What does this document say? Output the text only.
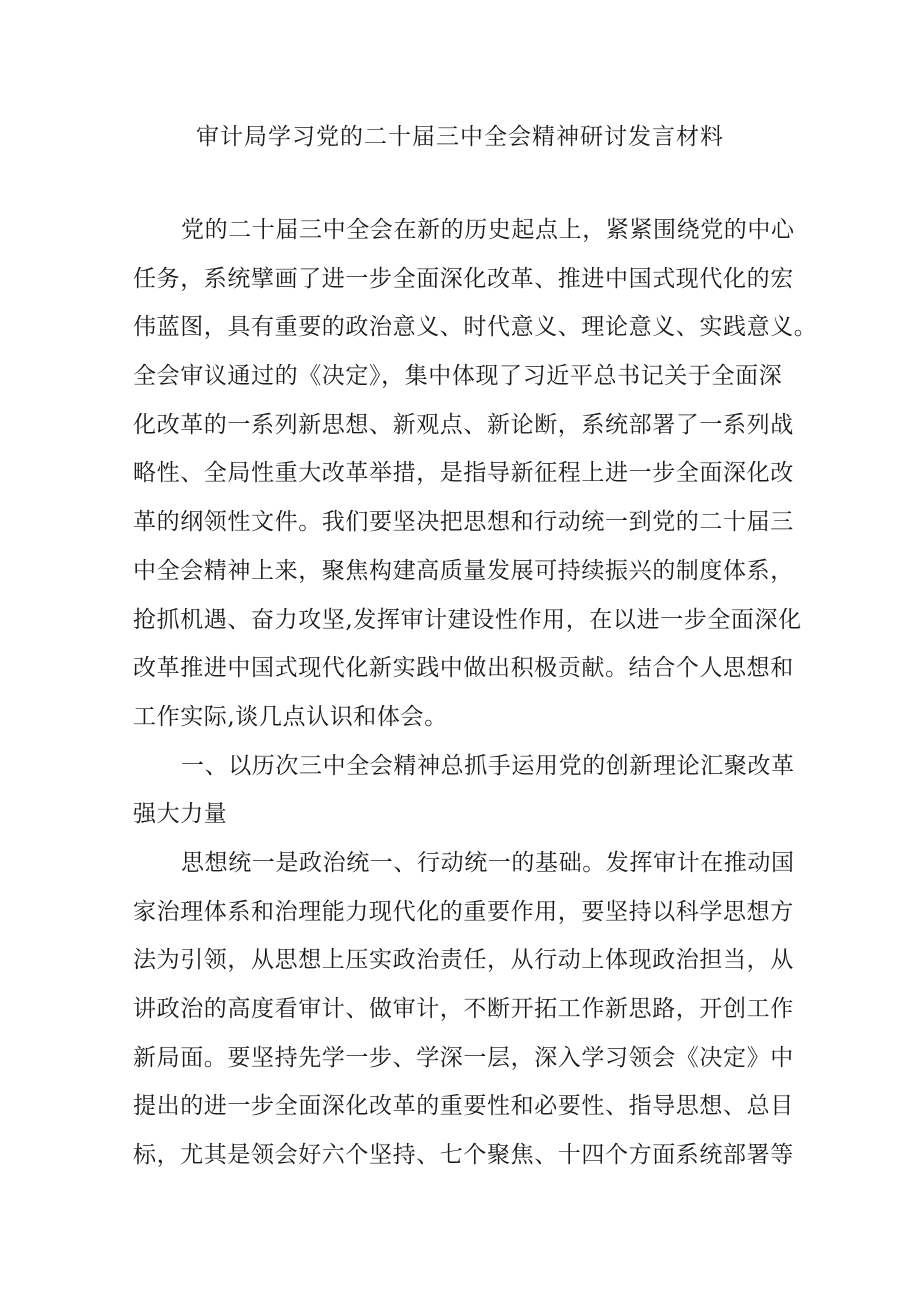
审计局学习党的二十届三中全会精神研讨发言材料
党的二十届三中全会在新的历史起点上，紧紧围绕党的中心
任务，系统擘画了进一步全面深化改革、推进中国式现代化的宏
伟蓝图，具有重要的政治意义、时代意义、理论意义、实践意义。
全会审议通过的《决定》，集中体现了习近平总书记关于全面深
化改革的一系列新思想、新观点、新论断，系统部署了一系列战
略性、全局性重大改革举措，是指导新征程上进一步全面深化改
革的纲领性文件。我们要坚决把思想和行动统一到党的二十届三
中全会精神上来，聚焦构建高质量发展可持续振兴的制度体系，
抢抓机遇、奋力攻坚,发挥审计建设性作用，在以进一步全面深化
改革推进中国式现代化新实践中做出积极贡献。结合个人思想和
工作实际,谈几点认识和体会。
一、以历次三中全会精神总抓手运用党的创新理论汇聚改革
强大力量
思想统一是政治统一、行动统一的基础。发挥审计在推动国
家治理体系和治理能力现代化的重要作用，要坚持以科学思想方
法为引领，从思想上压实政治责任，从行动上体现政治担当，从
讲政治的高度看审计、做审计，不断开拓工作新思路，开创工作
新局面。要坚持先学一步、学深一层，深入学习领会《决定》中
提出的进一步全面深化改革的重要性和必要性、指导思想、总目
标，尤其是领会好六个坚持、七个聚焦、十四个方面系统部署等
